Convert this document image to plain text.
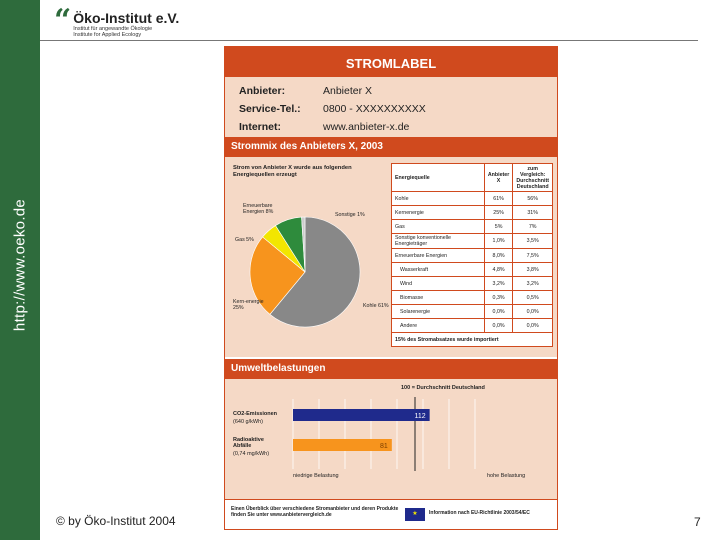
http://www.oeko.de
“ Öko-Institut e.V.
Institut für angewandte Ökologie
Institute for Applied Ecology
STROMLABEL
Anbieter:	Anbieter X
Service-Tel.: 0800 - XXXXXXXXXX
Internet:	www.anbieter-x.de
Strommix des Anbieters X, 2003
Strom von Anbieter X wurde aus folgenden Energiequellen erzeugt
Erneuerbare Energien 8%	Sonstige 1%
Gas 5%
Kern-energie 25%	Kohle 61%
Energiequelle	Anbieter X	zum Vergleich: Durchschnitt Deutschland
Kohle	61%	56%
Kernenergie	25%	31%
Gas	5%	7%
Sonstige konventionelle Energieträger	1,0%	3,5%
Erneuerbare Energien	8,0%	7,5%
Wasserkraft	4,8%	3,8%
Wind	3,2%	3,2%
Biomasse	0,3%	0,5%
Solarenergie	0,0%	0,0%
Andere	0,0%	0,0%
15% des Stromabsatzes wurde importiert		
Umweltbelastungen
100 = Durchschnitt Deutschland
112
81
CO2-Emissionen
(640 g/kWh)
Radioaktive Abfälle
(0,74 mg/kWh)
niedrige Belastung	hohe Belastung
Einen Überblick über verschiedene Stromanbieter und deren Produkte finden Sie unter www.anbietervergleich.de	★	Information nach EU-Richtlinie 2003/54/EC
© by Öko-Institut 2004	7
